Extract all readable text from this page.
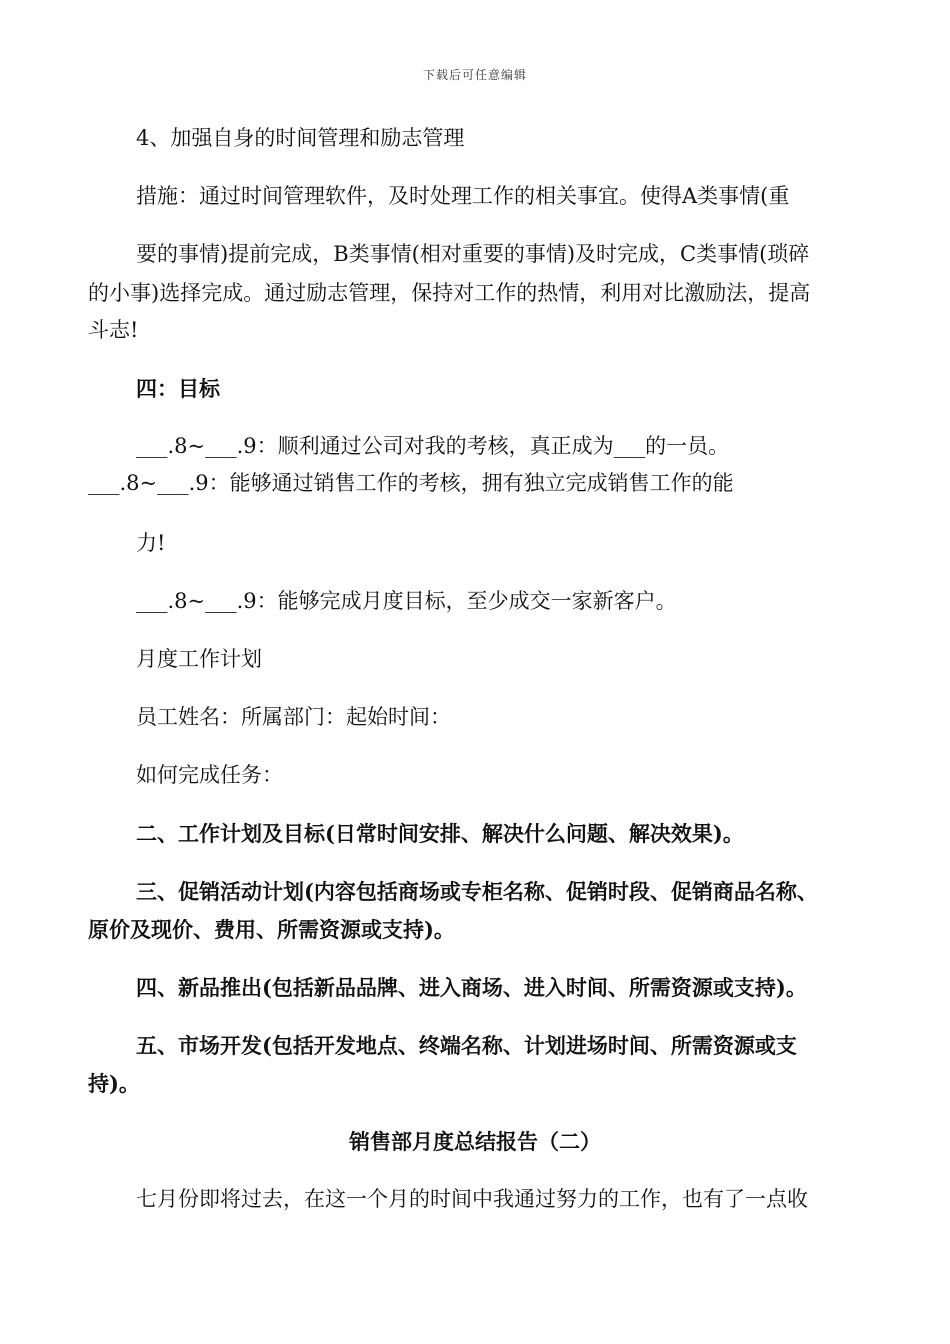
下载后可任意编辑
4、加强自身的时间管理和励志管理
措施：通过时间管理软件，及时处理工作的相关事宜。使得A类事情(重
要的事情)提前完成，B类事情(相对重要的事情)及时完成，C类事情(琐碎
的小事)选择完成。通过励志管理，保持对工作的热情，利用对比激励法，提高
斗志!
四：目标
___.8~___.9：顺利通过公司对我的考核，真正成为___的一员。
___.8~___.9：能够通过销售工作的考核，拥有独立完成销售工作的能
力!
___.8~___.9：能够完成月度目标，至少成交一家新客户。
月度工作计划
员工姓名：所属部门：起始时间：
如何完成任务：
二、工作计划及目标(日常时间安排、解决什么问题、解决效果)。
三、促销活动计划(内容包括商场或专柜名称、促销时段、促销商品名称、
原价及现价、费用、所需资源或支持)。
四、新品推出(包括新品品牌、进入商场、进入时间、所需资源或支持)。
五、市场开发(包括开发地点、终端名称、计划进场时间、所需资源或支
持)。
销售部月度总结报告（二）
七月份即将过去，在这一个月的时间中我通过努力的工作，也有了一点收
